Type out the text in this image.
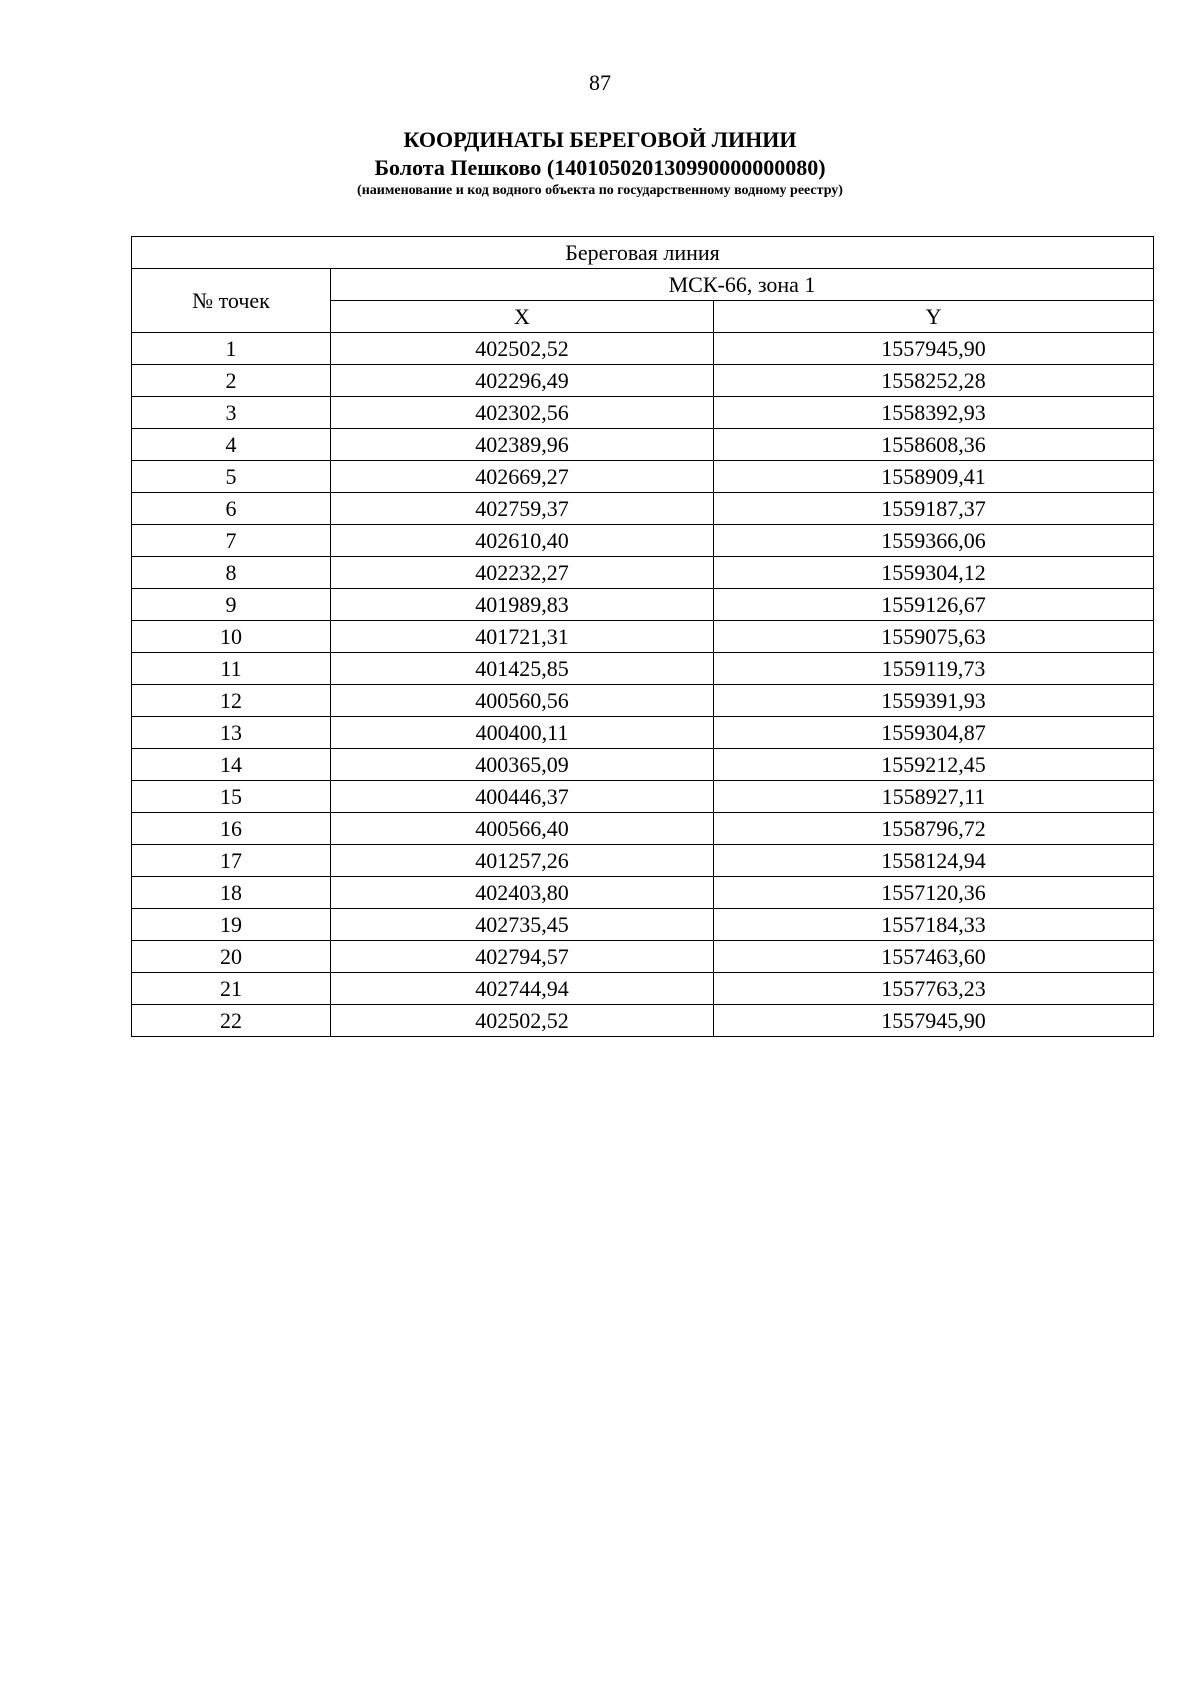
87
КООРДИНАТЫ БЕРЕГОВОЙ ЛИНИИ
Болота Пешково (140105020130990000000080)
(наименование и код водного объекта по государственному водному реестру)
Береговая линия		
№ точек	МСК-66, зона 1	
	X	Y
1	402502,52	1557945,90
2	402296,49	1558252,28
3	402302,56	1558392,93
4	402389,96	1558608,36
5	402669,27	1558909,41
6	402759,37	1559187,37
7	402610,40	1559366,06
8	402232,27	1559304,12
9	401989,83	1559126,67
10	401721,31	1559075,63
11	401425,85	1559119,73
12	400560,56	1559391,93
13	400400,11	1559304,87
14	400365,09	1559212,45
15	400446,37	1558927,11
16	400566,40	1558796,72
17	401257,26	1558124,94
18	402403,80	1557120,36
19	402735,45	1557184,33
20	402794,57	1557463,60
21	402744,94	1557763,23
22	402502,52	1557945,90
